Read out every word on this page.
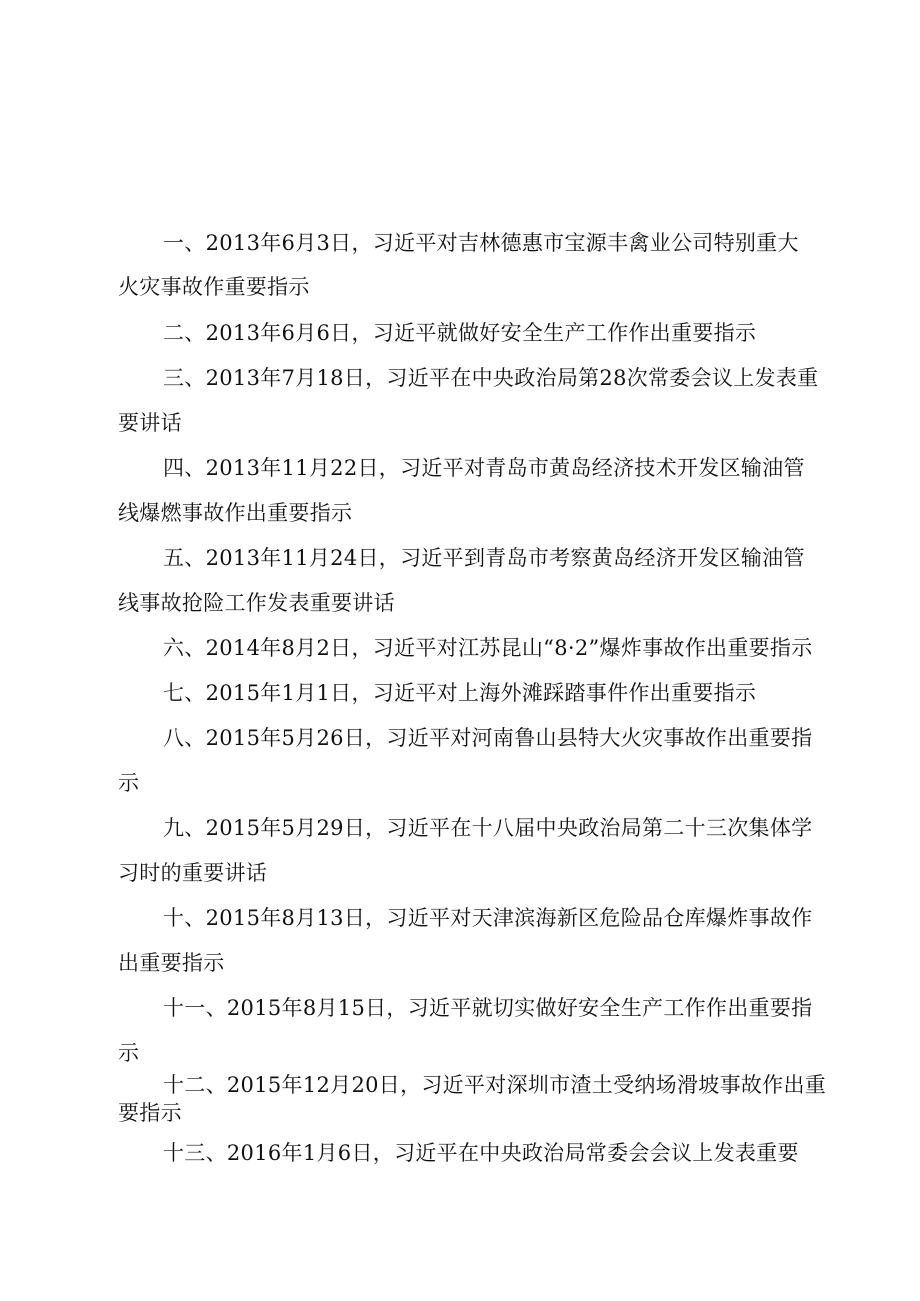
一、2013年6月3日，习近平对吉林德惠市宝源丰禽业公司特别重大

火灾事故作重要指示

二、2013年6月6日，习近平就做好安全生产工作作出重要指示

三、2013年7月18日，习近平在中央政治局第28次常委会议上发表重

要讲话

四、2013年11月22日，习近平对青岛市黄岛经济技术开发区输油管

线爆燃事故作出重要指示

五、2013年11月24日，习近平到青岛市考察黄岛经济开发区输油管

线事故抢险工作发表重要讲话

六、2014年8月2日，习近平对江苏昆山“8·2”爆炸事故作出重要指示

七、2015年1月1日，习近平对上海外滩踩踏事件作出重要指示

八、2015年5月26日，习近平对河南鲁山县特大火灾事故作出重要指

示

九、2015年5月29日，习近平在十八届中央政治局第二十三次集体学

习时的重要讲话

十、2015年8月13日，习近平对天津滨海新区危险品仓库爆炸事故作

出重要指示

十一、2015年8月15日，习近平就切实做好安全生产工作作出重要指

示

十二、2015年12月20日，习近平对深圳市渣土受纳场滑坡事故作出重

要指示

十三、2016年1月6日，习近平在中央政治局常委会会议上发表重要
